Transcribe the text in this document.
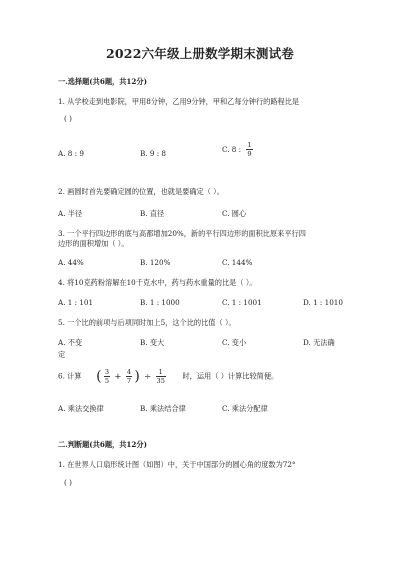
2022六年级上册数学期末测试卷
一.选择题(共6题，共12分)
1. 从学校走到电影院，甲用8分钟，乙用9分钟，甲和乙每分钟行的路程比是
( )
A. 8 : 9	B. 9 : 8	C. 8 : $\frac{1}{9}$
2. 画圆时首先要确定圆的位置，也就是要确定（ ）。
A. 半径	B. 直径	C. 圆心
3. 一个平行四边形的底与高都增加20%，新的平行四边形的面积比原来平行四
边形的面积增加（ ）。
A. 44%	B. 120%	C. 144%
4. 将10克药粉溶解在10千克水中，药与药水重量的比是（ ）。
A. 1 : 101	B. 1 : 1000	C. 1 : 1001	D. 1 : 1010
5. 一个比的前项与后项同时加上5，这个比的比值（ ）。
A. 不变	B. 变大	C. 变小	D. 无法确
定
6. 计算 ( $\frac{3}{5} + \frac{4}{7}$ ) ÷ $\frac{1}{35}$ 时，运用（ ）计算比较简便。
A. 乘法交换律	B. 乘法结合律	C. 乘法分配律
二.判断题(共6题，共12分)
1. 在世界人口扇形统计图（如图）中，关于中国部分的圆心角的度数为72°
( )
